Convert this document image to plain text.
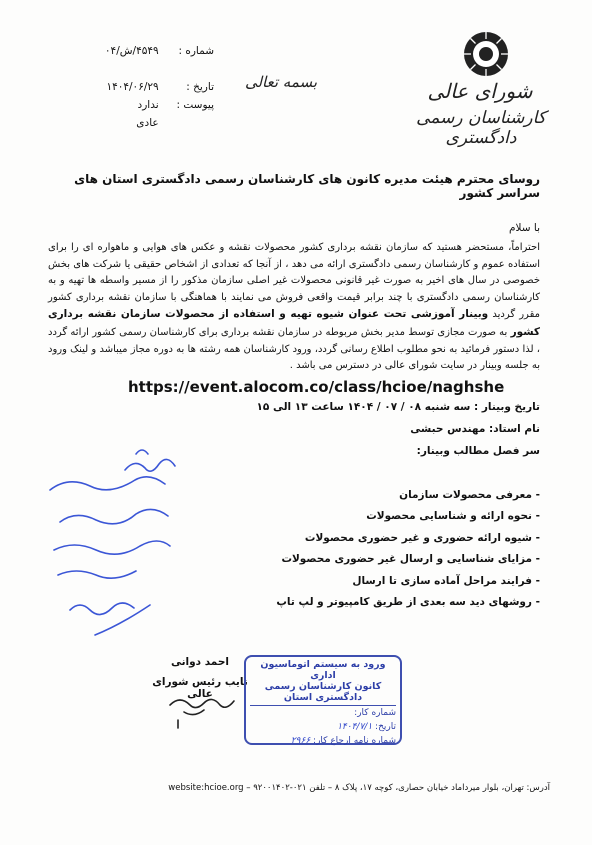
شورای عالی
کارشناسان رسمی دادگستری
بسمه تعالی
شماره : ۴۵۴۹/ش/۰۴
تاریخ : ۱۴۰۴/۰۶/۲۹
پیوست : ندارد
عادی
روسای محترم هیئت مدیره کانون های کارشناسان رسمی دادگستری استان های سراسر کشور
با سلام
احتراماً، مستحضر هستید که سازمان نقشه برداری کشور محصولات نقشه و عکس های هوایی و ماهواره ای را برای استفاده عموم و کارشناسان رسمی دادگستری ارائه می دهد ، از آنجا که تعدادی از اشخاص حقیقی یا شرکت های بخش خصوصی در سال های اخیر به صورت غیر قانونی محصولات غیر اصلی سازمان مذکور را از مسیر واسطه ها تهیه و به کارشناسان رسمی دادگستری با چند برابر قیمت واقعی فروش می نمایند با هماهنگی با سازمان نقشه برداری کشور مقرر گردید وبینار آموزشی تحت عنوان شیوه تهیه و استفاده از محصولات سازمان نقشه برداری کشور به صورت مجازی توسط مدیر بخش مربوطه در سازمان نقشه برداری برای کارشناسان رسمی کشور ارائه گردد ، لذا دستور فرمائید به نحو مطلوب اطلاع رسانی گردد، ورود کارشناسان همه رشته ها به دوره مجاز میباشد و لینک ورود به جلسه وبینار در سایت شورای عالی در دسترس می باشد .
https://event.alocom.co/class/hcioe/naghshe
تاریخ وبینار : سه شنبه ۰۸ / ۰۷ / ۱۴۰۴ ساعت ۱۳ الی ۱۵
نام استاد: مهندس حبشی
سر فصل مطالب وبینار:
- معرفی محصولات سازمان
- نحوه ارائه و شناسایی محصولات
- شیوه ارائه حضوری و غیر حضوری محصولات
- مزایای شناسایی و ارسال غیر حضوری محصولات
- فرایند مراحل آماده سازی تا ارسال
- روشهای دید سه بعدی از طریق کامپیوتر و لپ تاپ
احمد دوانی
نایب رئیس شورای عالی
ورود به سیستم اتوماسیون اداری
کانون کارشناسان رسمی دادگستری استان
شماره کار:
تاریخ: ۱۴۰۴/۷/۱
شماره نامه ارجاع کار: ۲۹۶۶
آدرس: تهران، بلوار میرداماد خیابان حصاری، کوچه ۱۷، پلاک ۸ – تلفن ۰۲۱-۹۲۰۰۱۴۰۲ – website:hcioe.org
